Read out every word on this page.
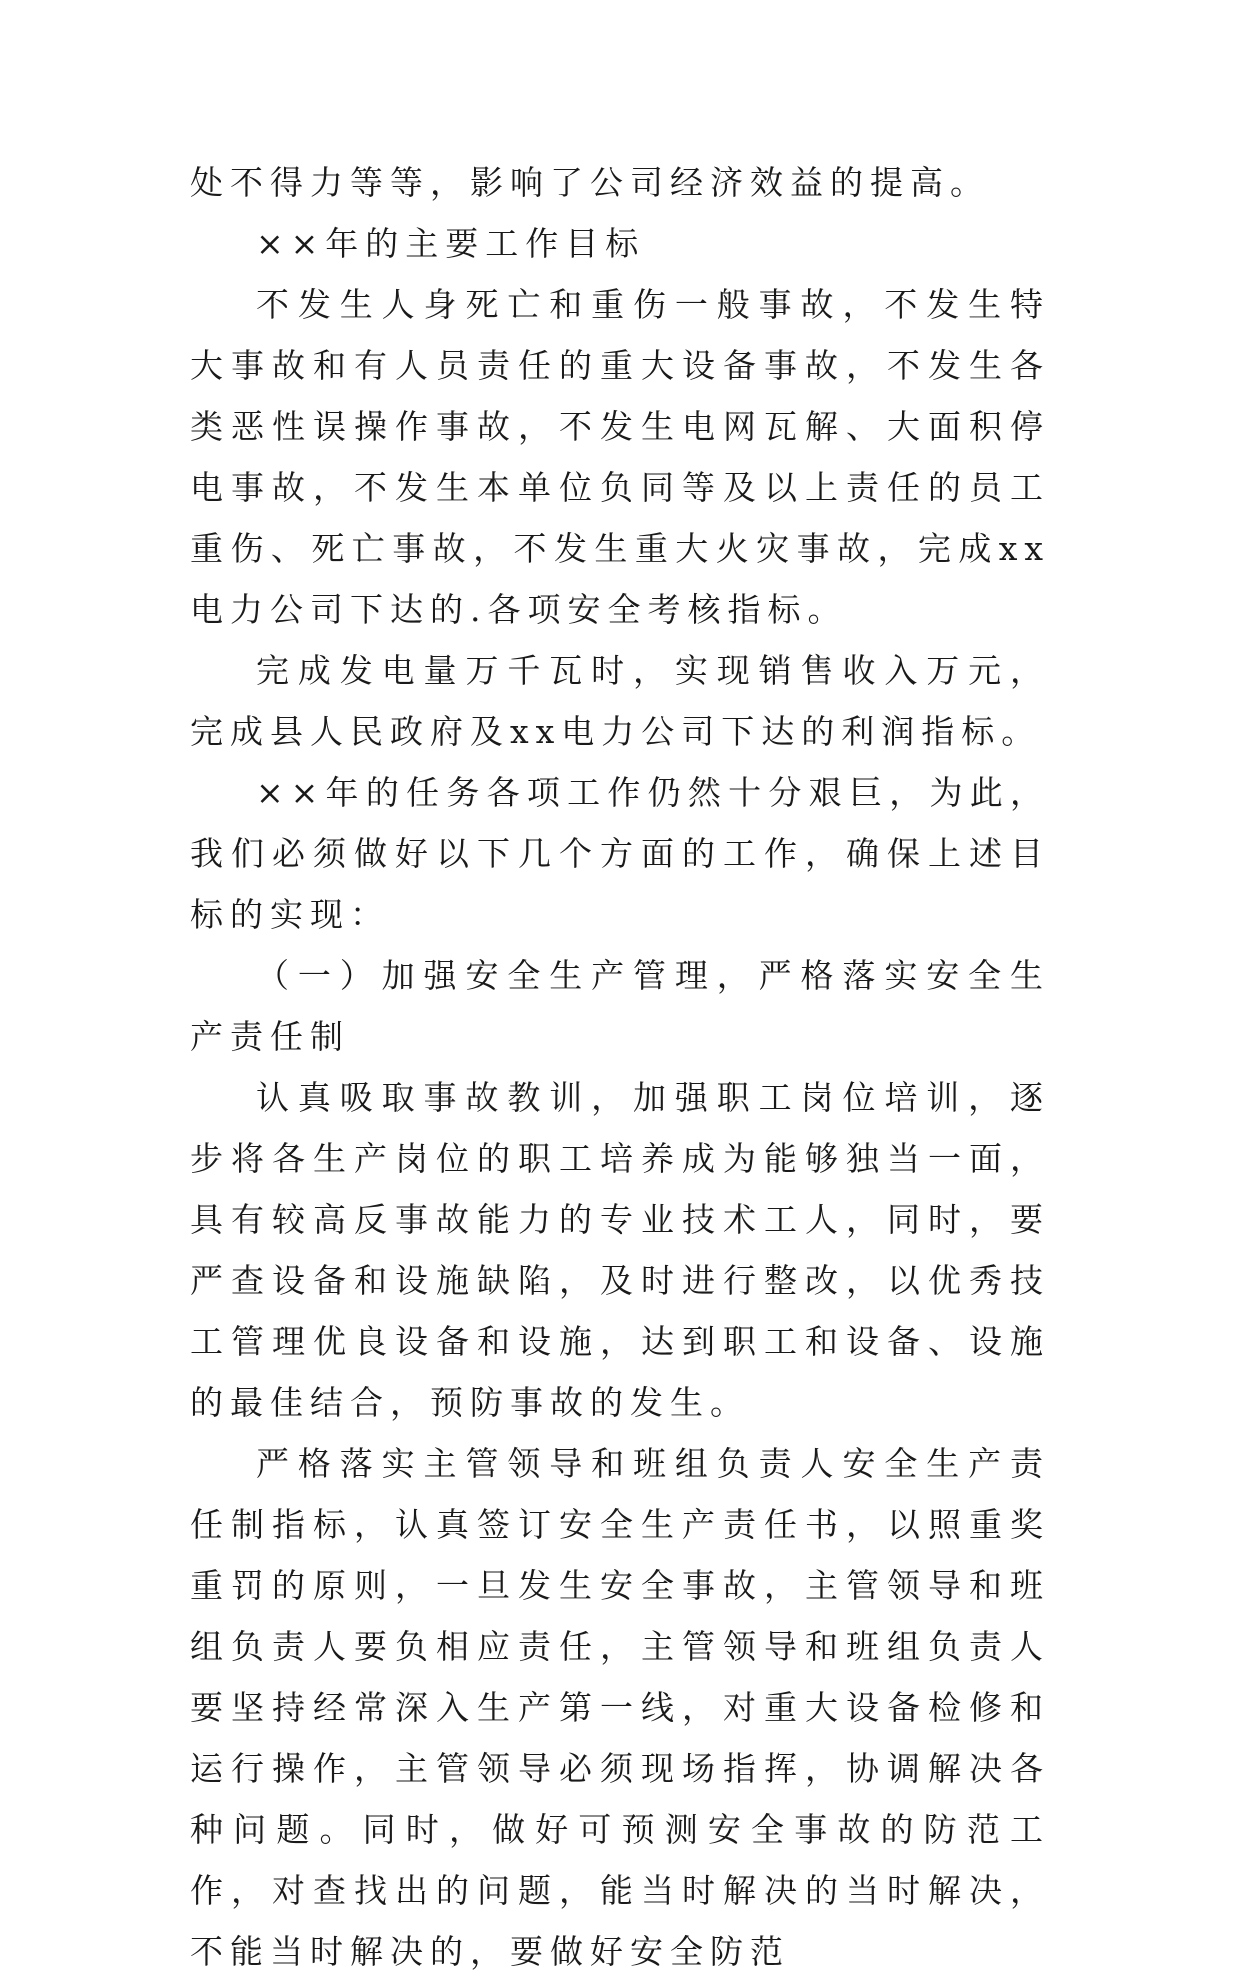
处不得力等等，影响了公司经济效益的提高。

××年的主要工作目标

不发生人身死亡和重伤一般事故，不发生特大事故和有人员责任的重大设备事故，不发生各类恶性误操作事故，不发生电网瓦解、大面积停电事故，不发生本单位负同等及以上责任的员工重伤、死亡事故，不发生重大火灾事故，完成xx电力公司下达的.各项安全考核指标。

完成发电量万千瓦时，实现销售收入万元，完成县人民政府及xx电力公司下达的利润指标。

××年的任务各项工作仍然十分艰巨，为此，我们必须做好以下几个方面的工作，确保上述目标的实现：

（一）加强安全生产管理，严格落实安全生产责任制

认真吸取事故教训，加强职工岗位培训，逐步将各生产岗位的职工培养成为能够独当一面，具有较高反事故能力的专业技术工人，同时，要严查设备和设施缺陷，及时进行整改，以优秀技工管理优良设备和设施，达到职工和设备、设施的最佳结合，预防事故的发生。

严格落实主管领导和班组负责人安全生产责任制指标，认真签订安全生产责任书，以照重奖重罚的原则，一旦发生安全事故，主管领导和班组负责人要负相应责任，主管领导和班组负责人要坚持经常深入生产第一线，对重大设备检修和运行操作，主管领导必须现场指挥，协调解决各种问题。同时，做好可预测安全事故的防范工作，对查找出的问题，能当时解决的当时解决，不能当时解决的，要做好安全防范
